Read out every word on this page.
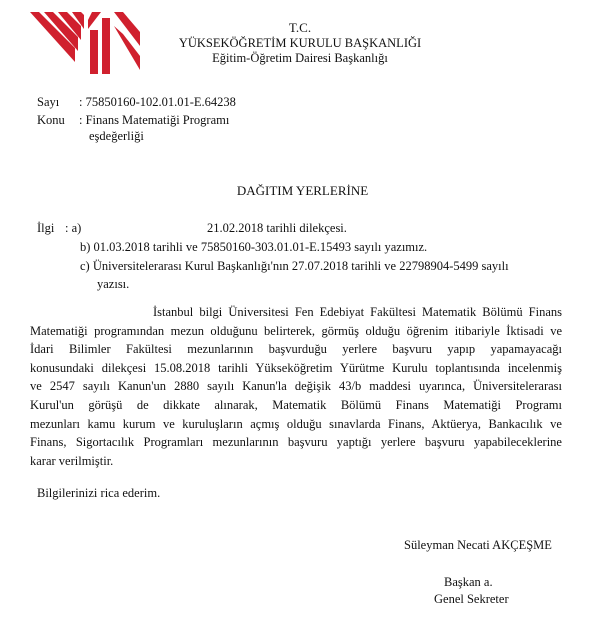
T.C.
YÜKSEKÖĞRETİM KURULU BAŞKANLIĞI
Eğitim-Öğretim Dairesi Başkanlığı
Sayı : 75850160-102.01.01-E.64238
Konu : Finans Matematiği Programı
eşdeğerliği
DAĞITIM YERLERİNE
İlgi : a)	21.02.2018 tarihli dilekçesi.
b) 01.03.2018 tarihli ve 75850160-303.01.01-E.15493 sayılı yazımız.
c) Üniversitelerarası Kurul Başkanlığı'nın 27.07.2018 tarihli ve 22798904-5499 sayılı
yazısı.
İstanbul bilgi Üniversitesi Fen Edebiyat Fakültesi Matematik Bölümü Finans
Matematiği programından mezun olduğunu belirterek, görmüş olduğu öğrenim itibariyle İktisadi ve
İdari Bilimler Fakültesi mezunlarının başvurduğu yerlere başvuru yapıp yapamayacağı
konusundaki dilekçesi 15.08.2018 tarihli Yükseköğretim Yürütme Kurulu toplantısında incelenmiş
ve 2547 sayılı Kanun'un 2880 sayılı Kanun'la değişik 43/b maddesi uyarınca, Üniversitelerarası
Kurul'un görüşü de dikkate alınarak, Matematik Bölümü Finans Matematiği Programı
mezunları kamu kurum ve kuruluşların açmış olduğu sınavlarda Finans, Aktüerya, Bankacılık ve
Finans, Sigortacılık Programları mezunlarının başvuru yaptığı yerlere başvuru yapabileceklerine
karar verilmiştir.
Bilgilerinizi rica ederim.
Süleyman Necati AKÇEŞME
Başkan a.
Genel Sekreter
